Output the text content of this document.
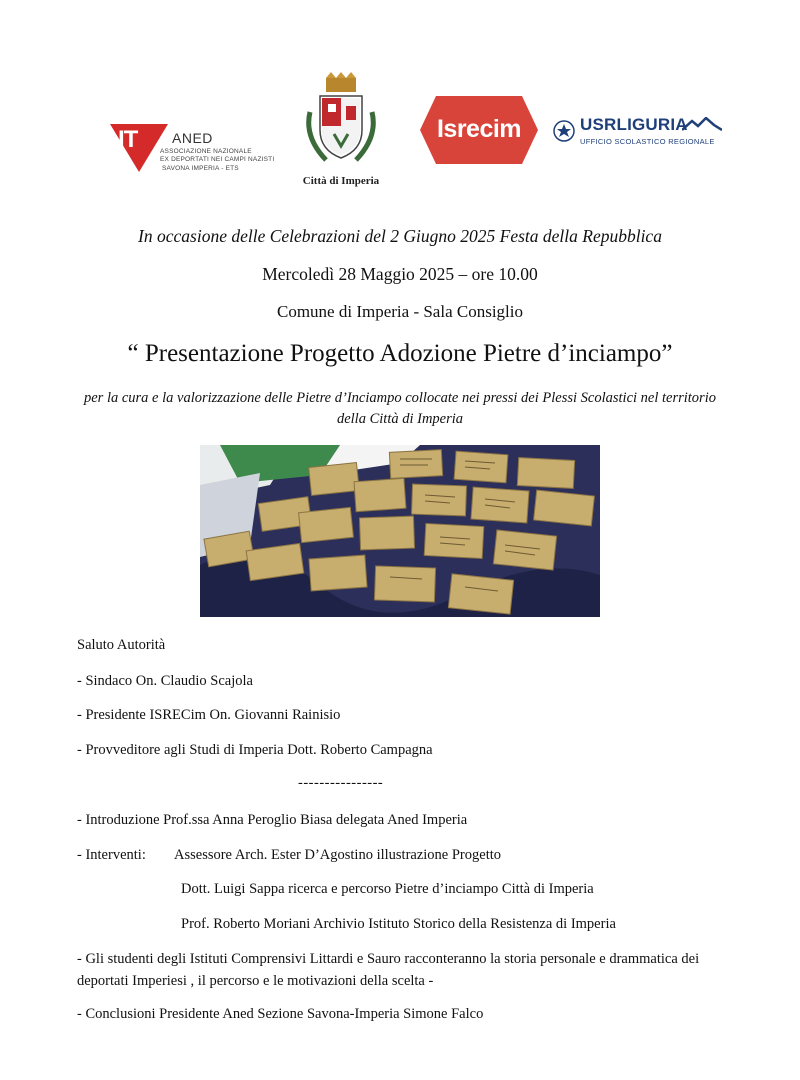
IT ANED
ASSOCIAZIONE NAZIONALE
EX DEPORTATI NEI CAMPI NAZISTI
SAVONA IMPERIA - ETS
Città di Imperia
Isrecim	USRLIGURIA
UFFICIO SCOLASTICO REGIONALE
In occasione delle Celebrazioni del 2 Giugno 2025 Festa della Repubblica
Mercoledì 28 Maggio 2025 – ore 10.00
Comune di Imperia - Sala Consiglio
“ Presentazione Progetto Adozione Pietre d’inciampo”
per la cura e la valorizzazione delle Pietre d’Inciampo collocate nei pressi dei Plessi Scolastici nel territorio della Città di Imperia
Saluto Autorità
- Sindaco On. Claudio Scajola
- Presidente ISRECim On. Giovanni Rainisio
- Provveditore agli Studi di Imperia Dott. Roberto Campagna
----------------
- Introduzione Prof.ssa Anna Peroglio Biasa delegata Aned Imperia
- Interventi: Assessore Arch. Ester D’Agostino illustrazione Progetto
Dott. Luigi Sappa ricerca e percorso Pietre d’inciampo Città di Imperia
Prof. Roberto Moriani Archivio Istituto Storico della Resistenza di Imperia
- Gli studenti degli Istituti Comprensivi Littardi e Sauro racconteranno la storia personale e drammatica dei deportati Imperiesi , il percorso e le motivazioni della scelta -
- Conclusioni Presidente Aned Sezione Savona-Imperia Simone Falco
